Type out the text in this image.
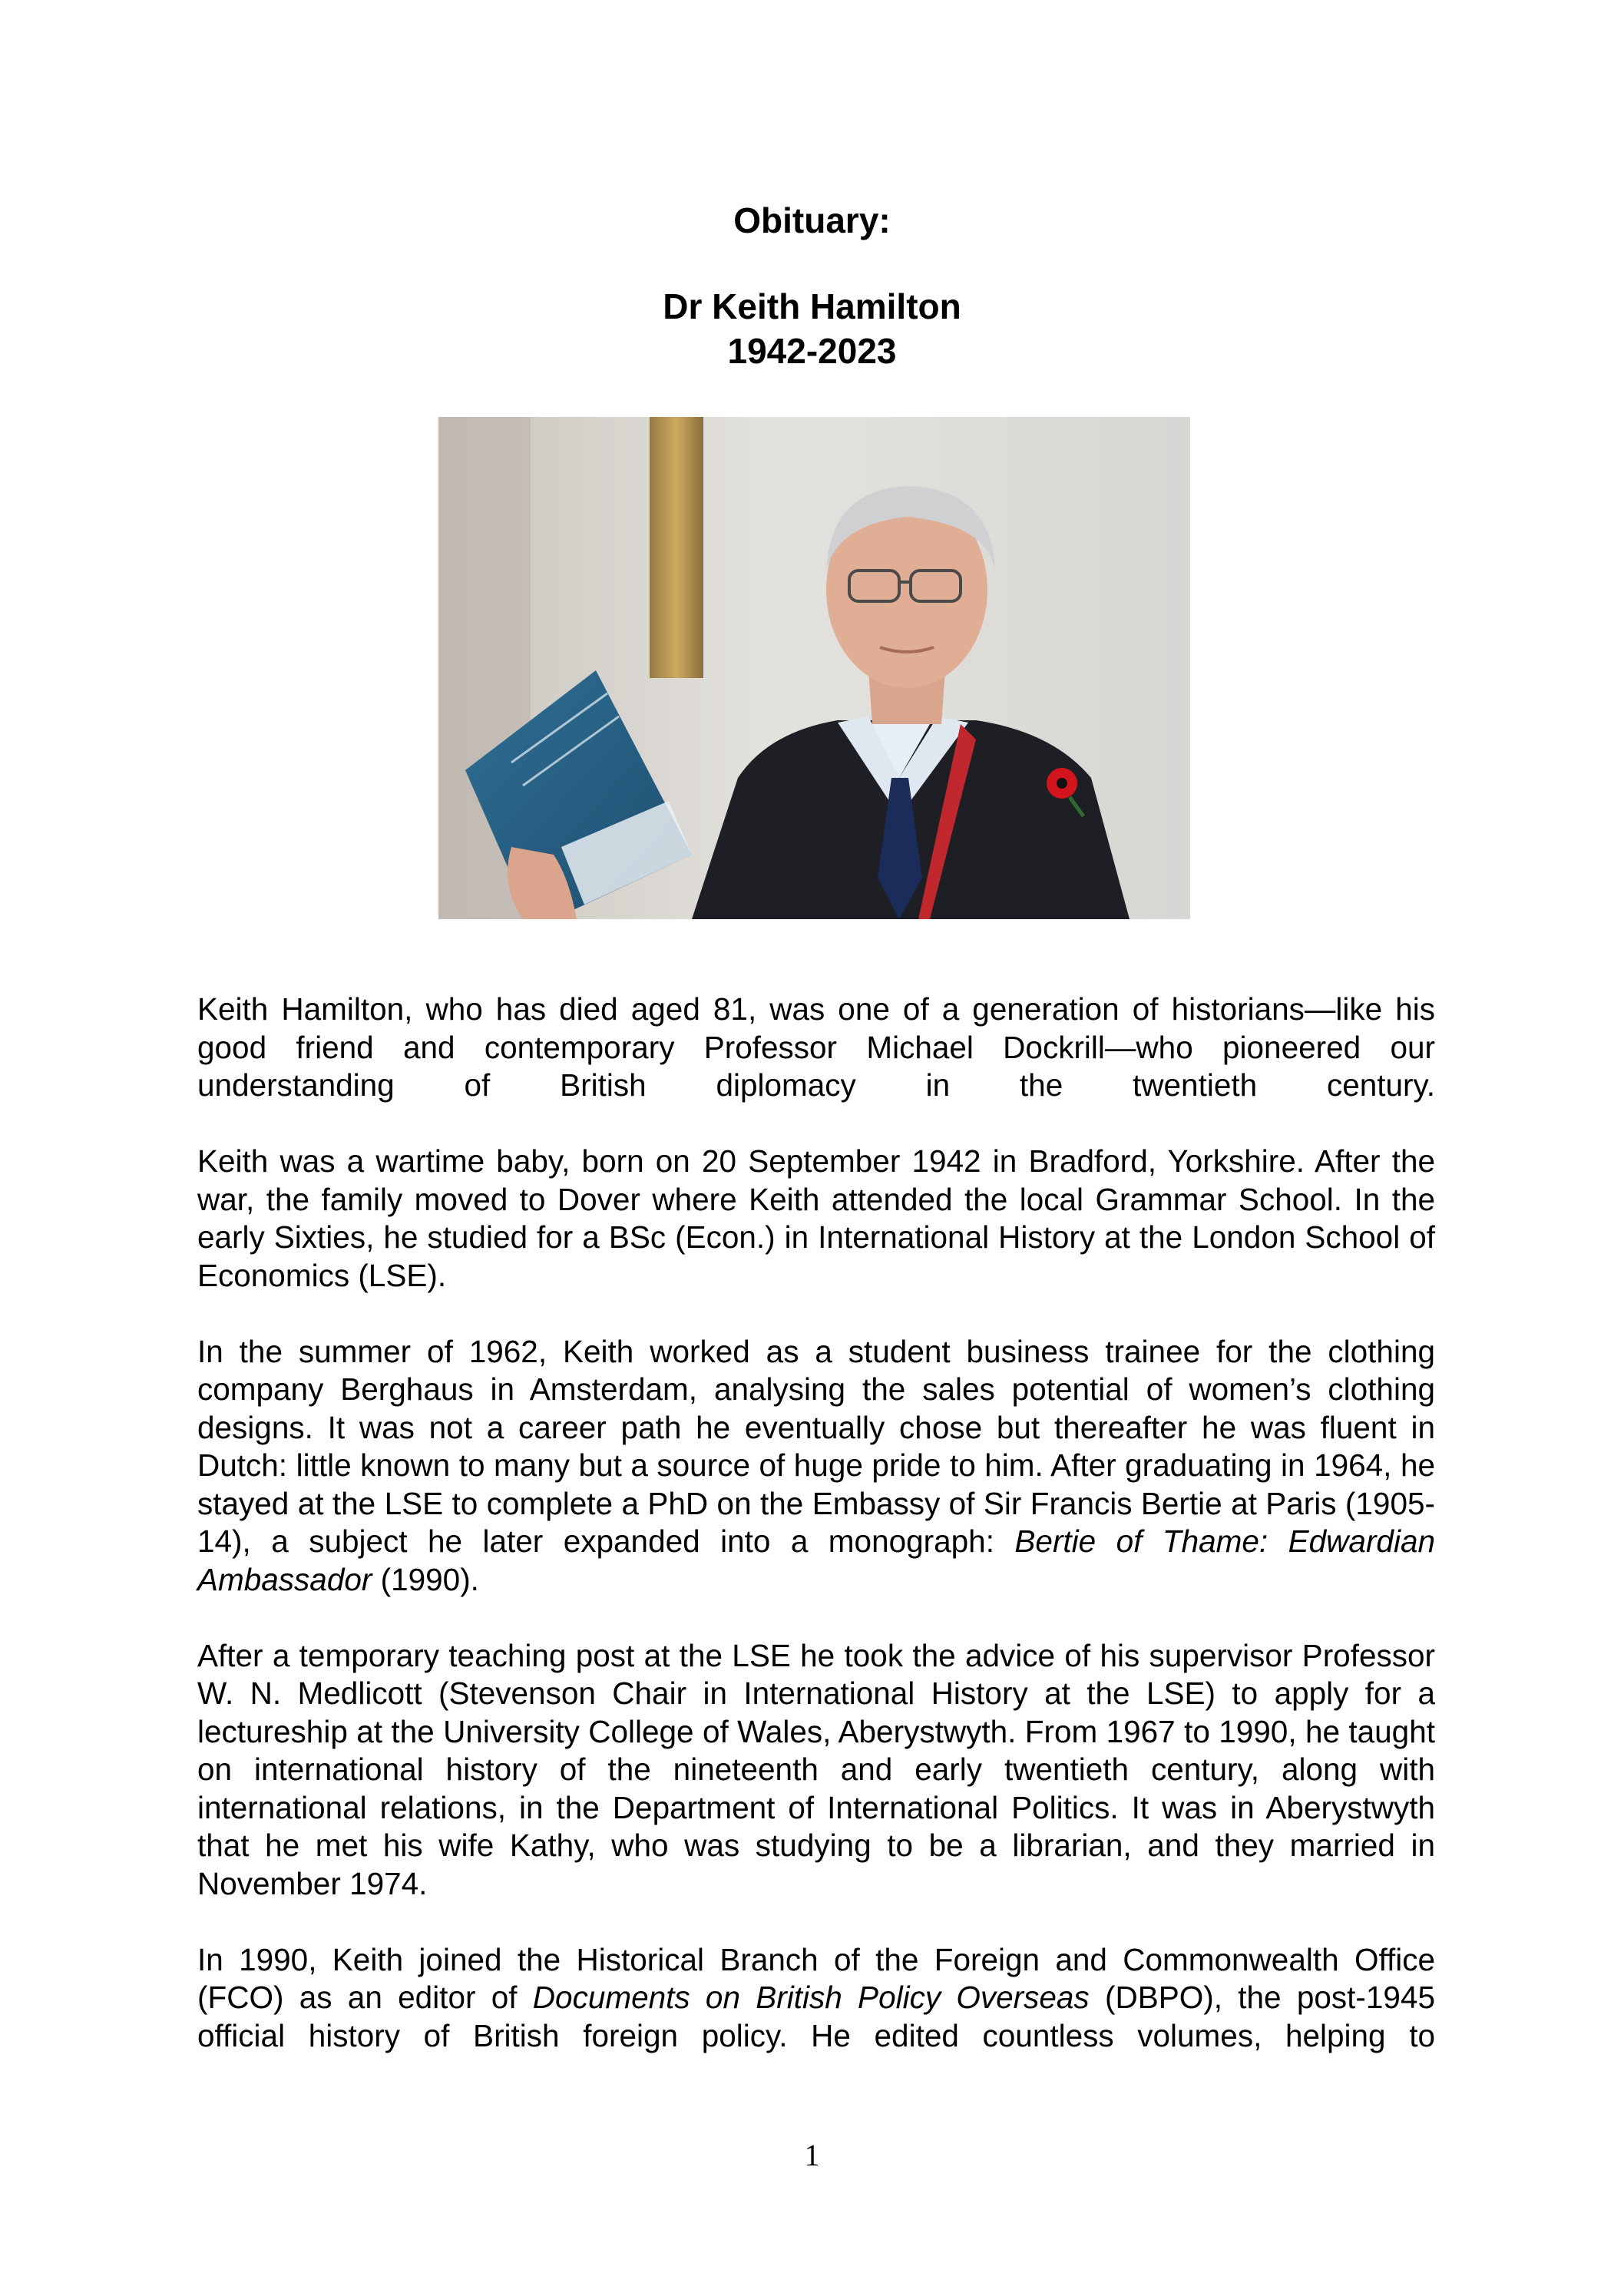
Obituary:
Dr Keith Hamilton
1942-2023

Keith Hamilton, who has died aged 81, was one of a generation of historians—like his good friend and contemporary Professor Michael Dockrill—who pioneered our understanding of British diplomacy in the twentieth century.

Keith was a wartime baby, born on 20 September 1942 in Bradford, Yorkshire. After the war, the family moved to Dover where Keith attended the local Grammar School. In the early Sixties, he studied for a BSc (Econ.) in International History at the London School of Economics (LSE).

In the summer of 1962, Keith worked as a student business trainee for the clothing company Berghaus in Amsterdam, analysing the sales potential of women’s clothing designs. It was not a career path he eventually chose but thereafter he was fluent in Dutch: little known to many but a source of huge pride to him. After graduating in 1964, he stayed at the LSE to complete a PhD on the Embassy of Sir Francis Bertie at Paris (1905-14), a subject he later expanded into a monograph: Bertie of Thame: Edwardian Ambassador (1990).

After a temporary teaching post at the LSE he took the advice of his supervisor Professor W. N. Medlicott (Stevenson Chair in International History at the LSE) to apply for a lectureship at the University College of Wales, Aberystwyth. From 1967 to 1990, he taught on international history of the nineteenth and early twentieth century, along with international relations, in the Department of International Politics. It was in Aberystwyth that he met his wife Kathy, who was studying to be a librarian, and they married in November 1974.

In 1990, Keith joined the Historical Branch of the Foreign and Commonwealth Office (FCO) as an editor of Documents on British Policy Overseas (DBPO), the post-1945 official history of British foreign policy. He edited countless volumes, helping to

1
